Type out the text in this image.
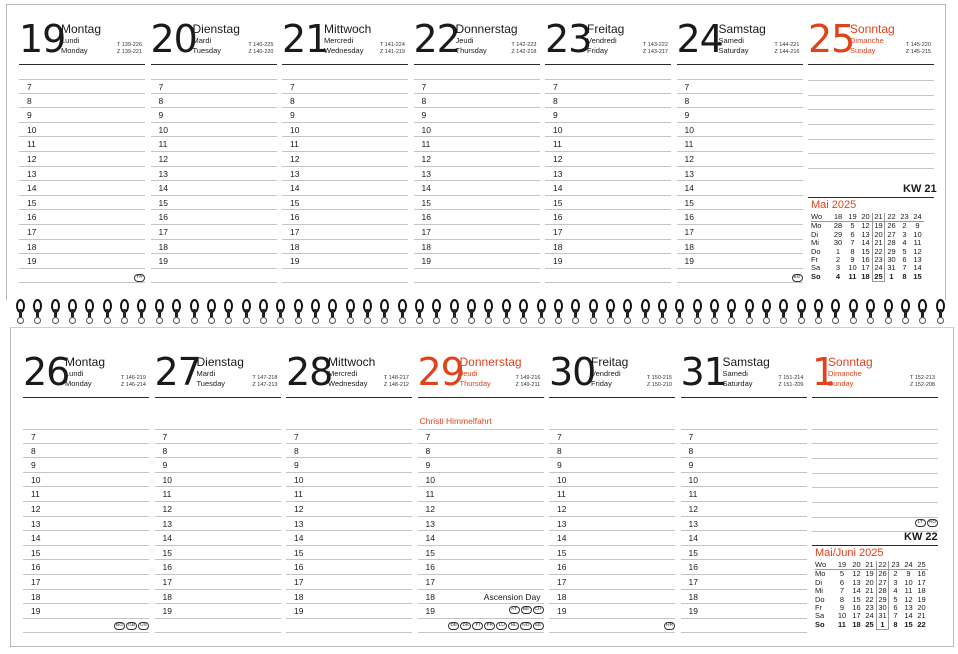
19
Montag
Lundi
Monday
T 139-226
Z 139-221
7
8
9
10
11
12
13
14
15
16
17
18
19
20
Dienstag
Mardi
Tuesday
T 140-225
Z 140-220
7
8
9
10
11
12
13
14
15
16
17
18
19
21
Mittwoch
Mercredi
Wednesday
T 141-224
Z 141-219
7
8
9
10
11
12
13
14
15
16
17
18
19
22
Donnerstag
Jeudi
Thursday
T 142-223
Z 142-218
7
8
9
10
11
12
13
14
15
16
17
18
19
23
Freitag
Vendredi
Friday
T 143-222
Z 143-217
7
8
9
10
11
12
13
14
15
16
17
18
19
24
Samstag
Samedi
Saturday
T 144-221
Z 144-216
7
8
9
10
11
12
13
14
15
16
17
18
19
25
Sonntag
Dimanche
Sunday
T 145-220
Z 145-215
KW 21
Mai 2025
Wo	18	19	20	21	22	23	24
Mo	28	5	12	19	26	2	9
Di	29	6	13	20	27	3	10
Mi	30	7	14	21	28	4	11
Do	1	8	15	22	29	5	12
Fr	2	9	16	23	30	6	13
Sa	3	10	17	24	31	7	14
So	4	11	18	25	1	8	15
TR	BG
26
Montag
Lundi
Monday
T 146-219
Z 146-214
7
8
9
10
11
12
13
14
15
16
17
18
19
27
Dienstag
Mardi
Tuesday
T 147-218
Z 147-213
7
8
9
10
11
12
13
14
15
16
17
18
19
28
Mittwoch
Mercredi
Wednesday
T 148-217
Z 148-212
7
8
9
10
11
12
13
14
15
16
17
18
19
29
Donnerstag
Jeudi
Thursday
T 149-216
Z 149-211
7
8
9
10
11
12
13
14
15
16
17
18	Ascension Day
19
30
Freitag
Vendredi
Friday
T 150-215
Z 150-210
7
8
9
10
11
12
13
14
15
16
17
18
19
31
Samstag
Samedi
Saturday
T 151-214
Z 151-209
7
8
9
10
11
12
13
14
15
16
17
18
19
1
Sonntag
Dimanche
Sunday
T 152-213
Z 152-208
Christi Himmelfahrt
KW 22
Mai/Juni 2025
Wo	19	20	21	22	23	24	25
Mo	5	12	19	26	2	9	16
Di	6	13	20	27	3	10	17
Mi	7	14	21	28	4	11	18
Do	8	15	22	29	5	12	19
Fr	9	16	23	30	6	13	20
Sa	10	17	24	31	7	14	21
So	11	18	25	1	8	15	22
LT	RO
BG	GB	US
AT	BE	CH
DE	DK	FI	FR	LU	NL	NO	SE	HR
